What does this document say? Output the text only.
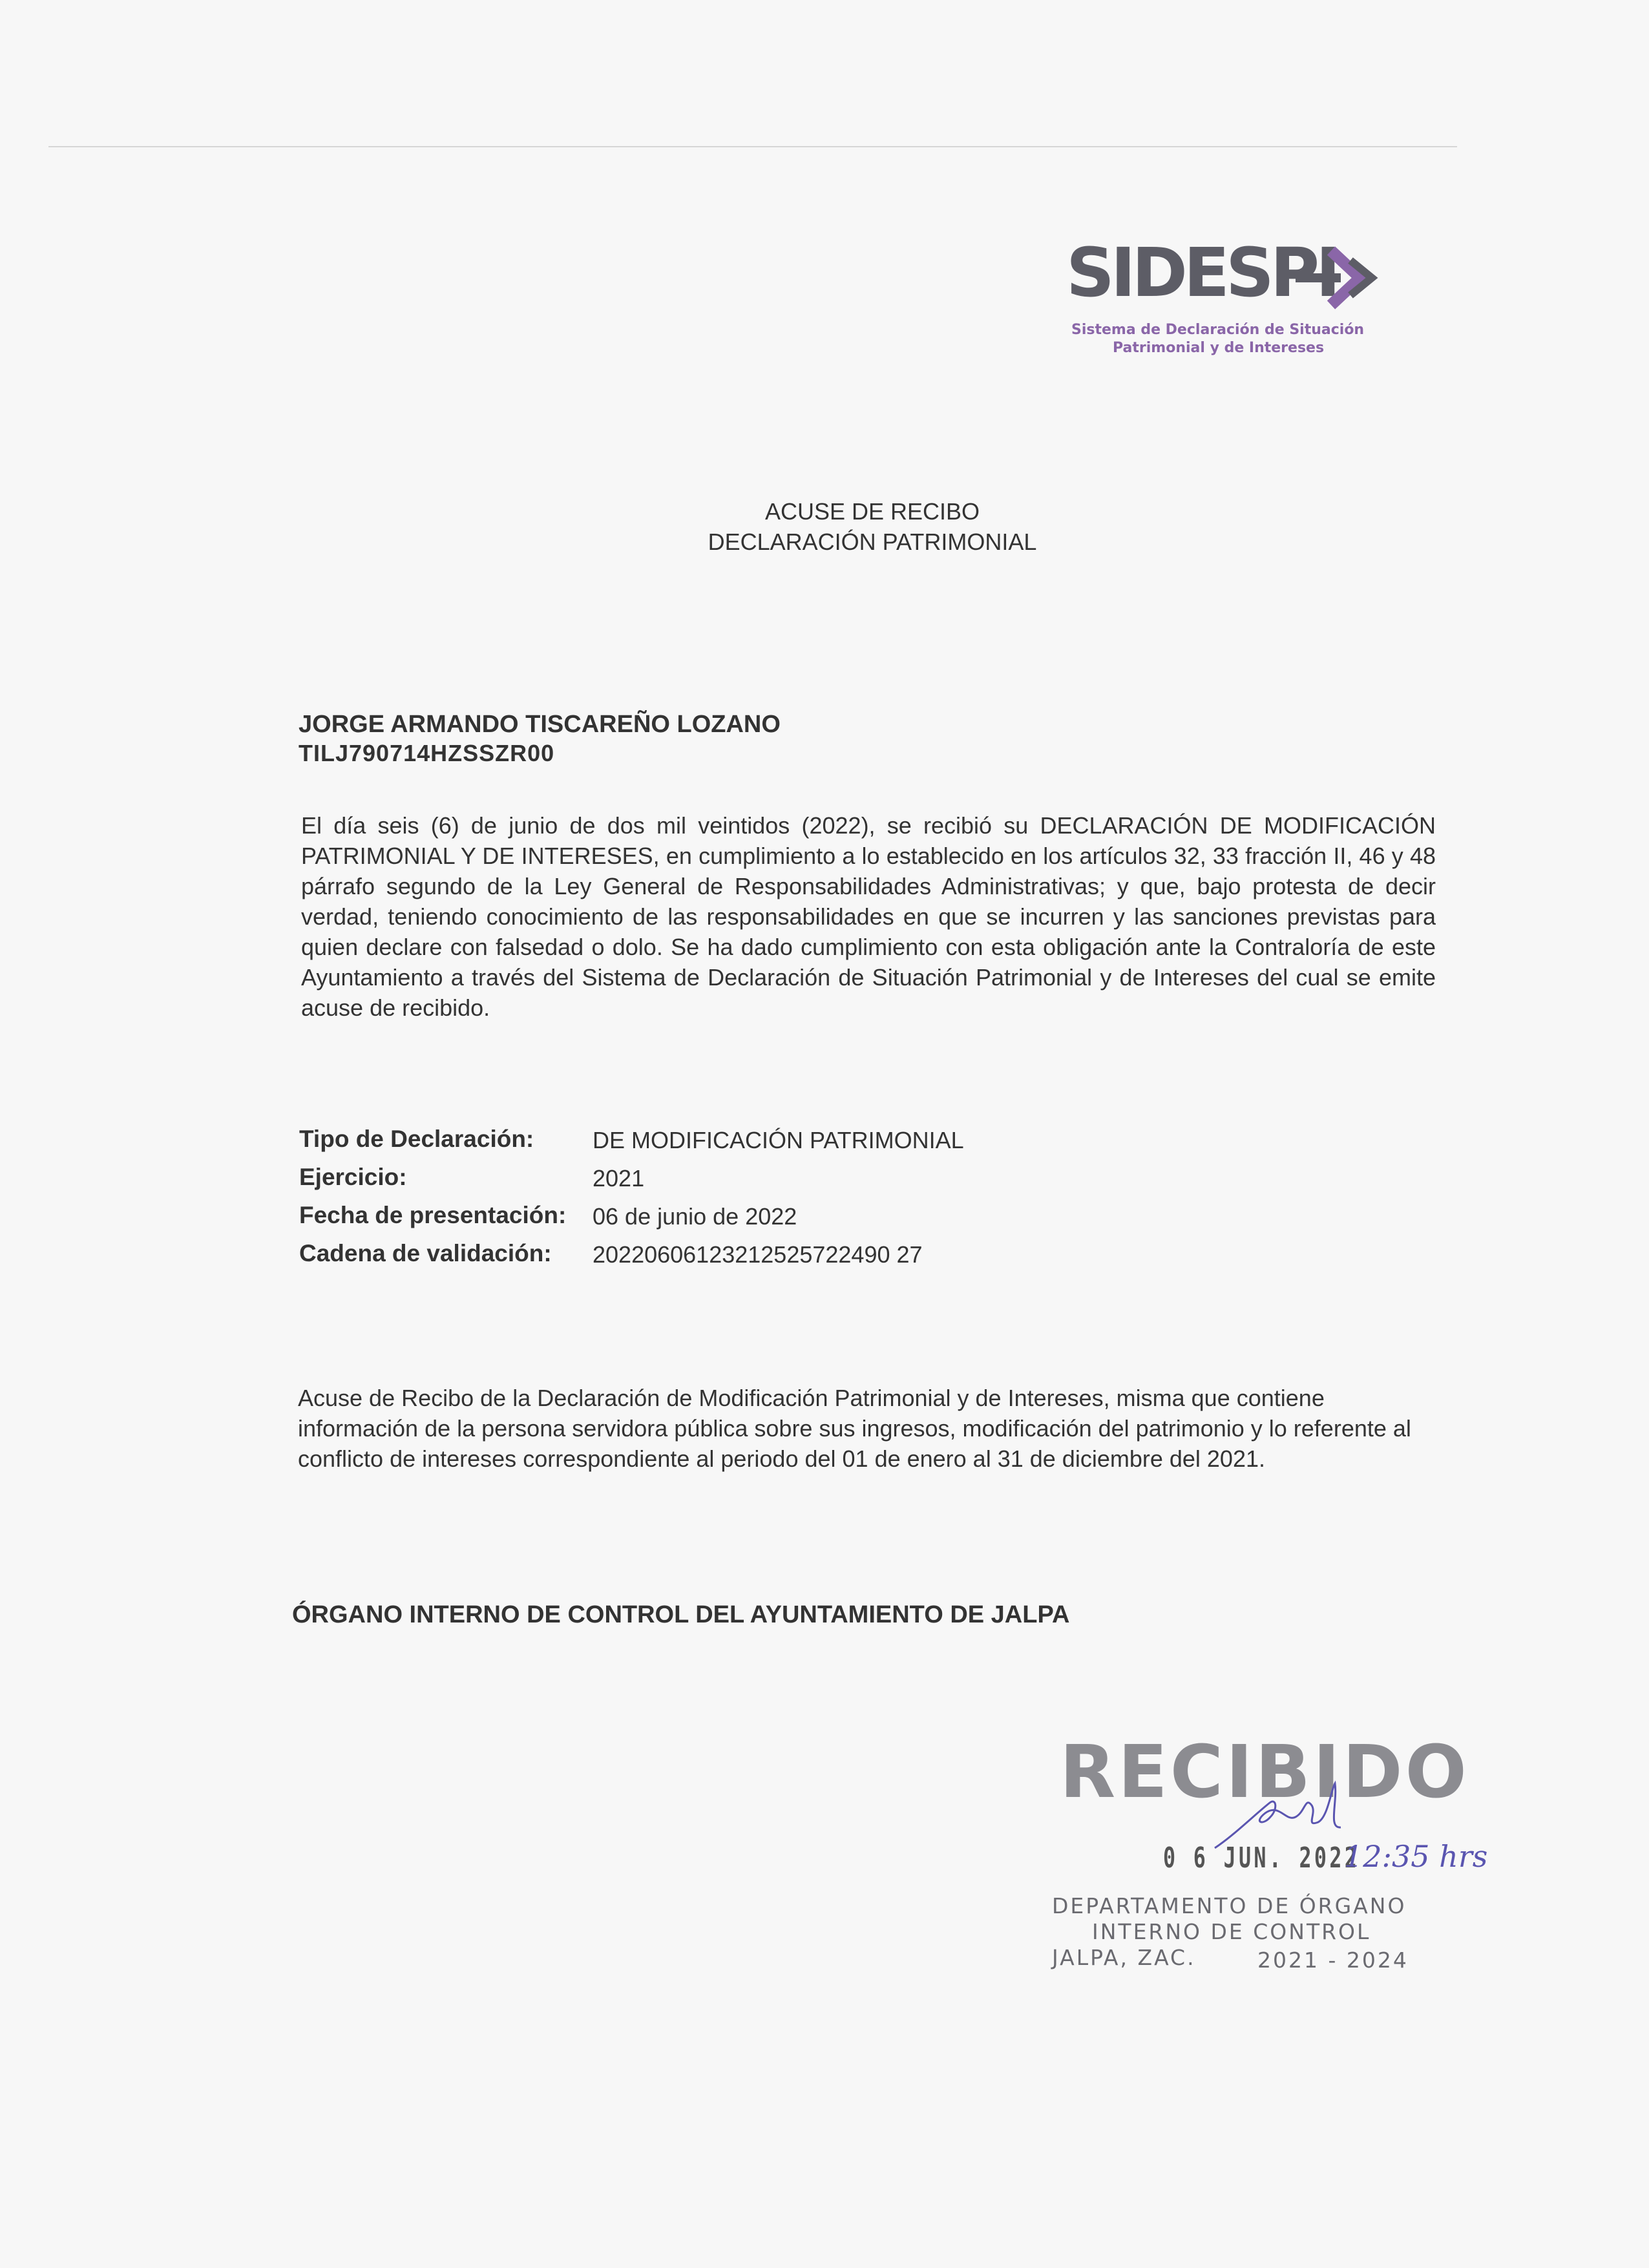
SIDESPI
Sistema de Declaración de Situación
Patrimonial y de Intereses
ACUSE DE RECIBO
DECLARACIÓN PATRIMONIAL
JORGE ARMANDO TISCAREÑO LOZANO
TILJ790714HZSSZR00
El día seis (6) de junio de dos mil veintidos (2022), se recibió su DECLARACIÓN DE MODIFICACIÓN PATRIMONIAL Y DE INTERESES, en cumplimiento a lo establecido en los artículos 32, 33 fracción II, 46 y 48 párrafo segundo de la Ley General de Responsabilidades Administrativas; y que, bajo protesta de decir verdad, teniendo conocimiento de las responsabilidades en que se incurren y las sanciones previstas para quien declare con falsedad o dolo. Se ha dado cumplimiento con esta obligación ante la Contraloría de este Ayuntamiento a través del Sistema de Declaración de Situación Patrimonial y de Intereses del cual se emite acuse de recibido.
Tipo de Declaración:	DE MODIFICACIÓN PATRIMONIAL
Ejercicio:	2021
Fecha de presentación: 06 de junio de 2022
Cadena de validación: 20220606123212525722490 27
Acuse de Recibo de la Declaración de Modificación Patrimonial y de Intereses, misma que contiene información de la persona servidora pública sobre sus ingresos, modificación del patrimonio y lo referente al conflicto de intereses correspondiente al periodo del 01 de enero al 31 de diciembre del 2021.
ÓRGANO INTERNO DE CONTROL DEL AYUNTAMIENTO DE JALPA
RECIBIDO
0 6 JUN. 2022
12:35 hrs
DEPARTAMENTO DE ÓRGANO
INTERNO DE CONTROL
JALPA, ZAC.	2021 - 2024
